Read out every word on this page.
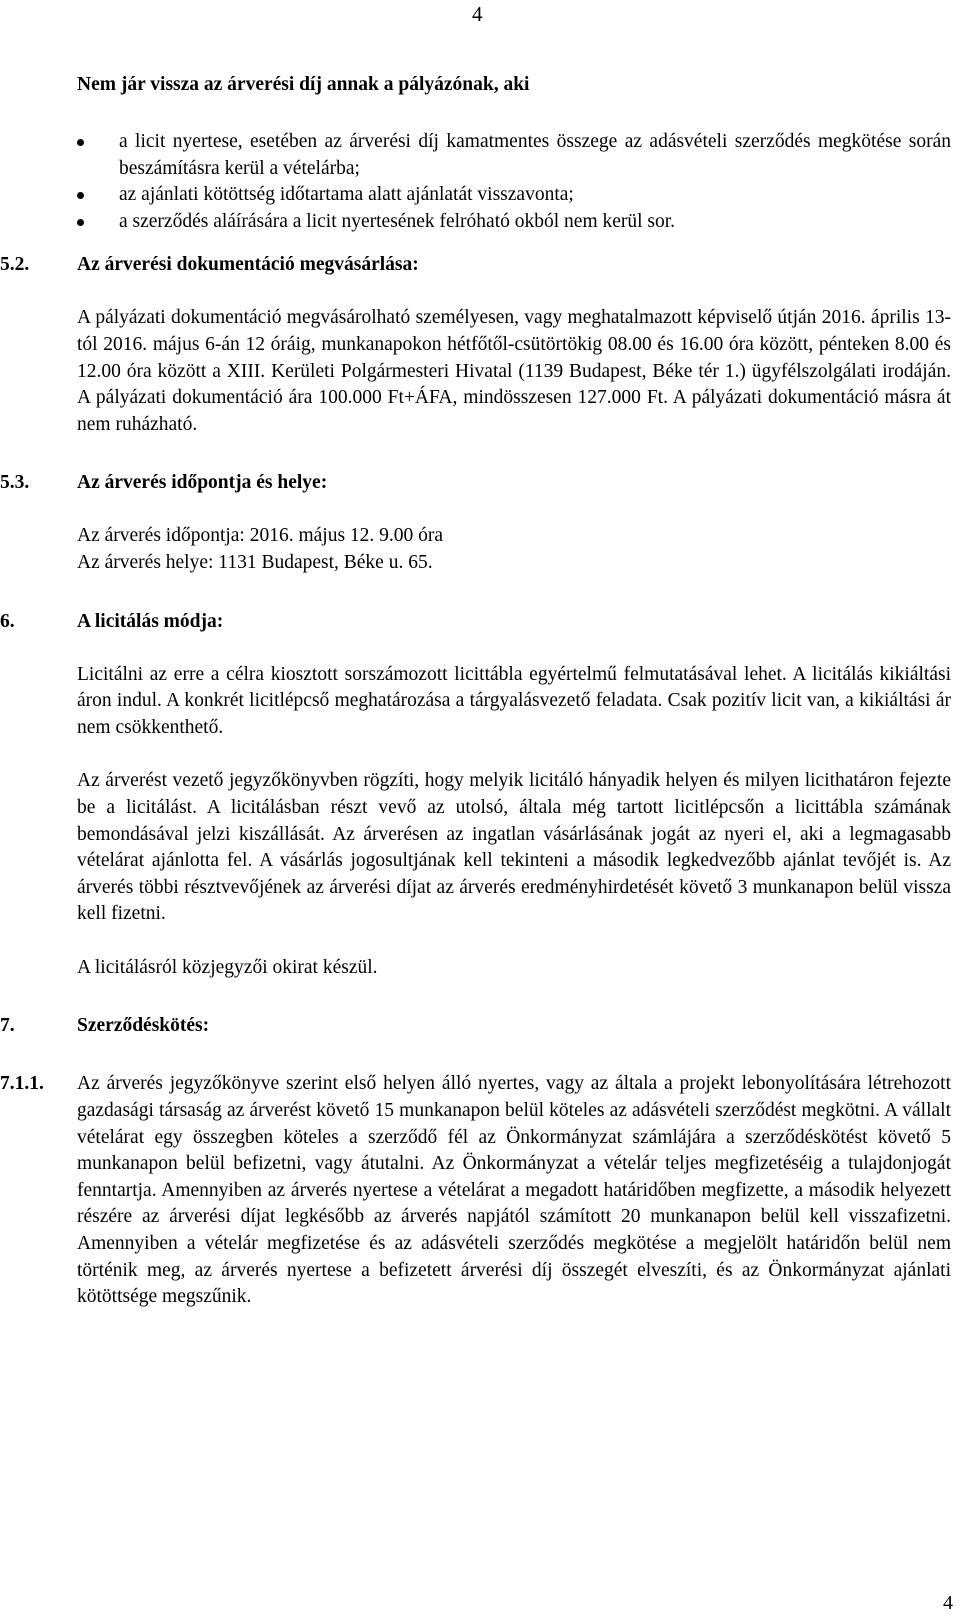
4

Nem jár vissza az árverési díj annak a pályázónak, aki

a licit nyertese, esetében az árverési díj kamatmentes összege az adásvételi szerződés megkötése során beszámításra kerül a vételárba;
az ajánlati kötöttség időtartama alatt ajánlatát visszavonta;
a szerződés aláírására a licit nyertesének felróható okból nem kerül sor.
5.2.	Az árverési dokumentáció megvásárlása:

A pályázati dokumentáció megvásárolható személyesen, vagy meghatalmazott képviselő útján 2016. április 13-tól 2016. május 6-án 12 óráig, munkanapokon hétfőtől-csütörtökig 08.00 és 16.00 óra között, pénteken 8.00 és 12.00 óra között a XIII. Kerületi Polgármesteri Hivatal (1139 Budapest, Béke tér 1.) ügyfélszolgálati irodáján. A pályázati dokumentáció ára 100.000 Ft+ÁFA, mindösszesen 127.000 Ft. A pályázati dokumentáció másra át nem ruházható.

5.3.	Az árverés időpontja és helye:

Az árverés időpontja: 2016. május 12. 9.00 óra

Az árverés helye: 1131 Budapest, Béke u. 65.

6.	A licitálás módja:

Licitálni az erre a célra kiosztott sorszámozott licittábla egyértelmű felmutatásával lehet. A licitálás kikiáltási áron indul. A konkrét licitlépcső meghatározása a tárgyalásvezető feladata. Csak pozitív licit van, a kikiáltási ár nem csökkenthető.

Az árverést vezető jegyzőkönyvben rögzíti, hogy melyik licitáló hányadik helyen és milyen licithatáron fejezte be a licitálást. A licitálásban részt vevő az utolsó, általa még tartott licitlépcsőn a licittábla számának bemondásával jelzi kiszállását. Az árverésen az ingatlan vásárlásának jogát az nyeri el, aki a legmagasabb vételárat ajánlotta fel. A vásárlás jogosultjának kell tekinteni a második legkedvezőbb ajánlat tevőjét is. Az árverés többi résztvevőjének az árverési díjat az árverés eredményhirdetését követő 3 munkanapon belül vissza kell fizetni.

A licitálásról közjegyzői okirat készül.

7.	Szerződéskötés:
7.1.1.	Az árverés jegyzőkönyve szerint első helyen álló nyertes, vagy az általa a projekt lebonyolítására létrehozott gazdasági társaság az árverést követő 15 munkanapon belül köteles az adásvételi szerződést megkötni. A vállalt vételárat egy összegben köteles a szerződő fél az Önkormányzat számlájára a szerződéskötést követő 5 munkanapon belül befizetni, vagy átutalni. Az Önkormányzat a vételár teljes megfizetéséig a tulajdonjogát fenntartja. Amennyiben az árverés nyertese a vételárat a megadott határidőben megfizette, a második helyezett részére az árverési díjat legkésőbb az árverés napjától számított 20 munkanapon belül kell visszafizetni. Amennyiben a vételár megfizetése és az adásvételi szerződés megkötése a megjelölt határidőn belül nem történik meg, az árverés nyertese a befizetett árverési díj összegét elveszíti, és az Önkormányzat ajánlati kötöttsége megszűnik.
4
